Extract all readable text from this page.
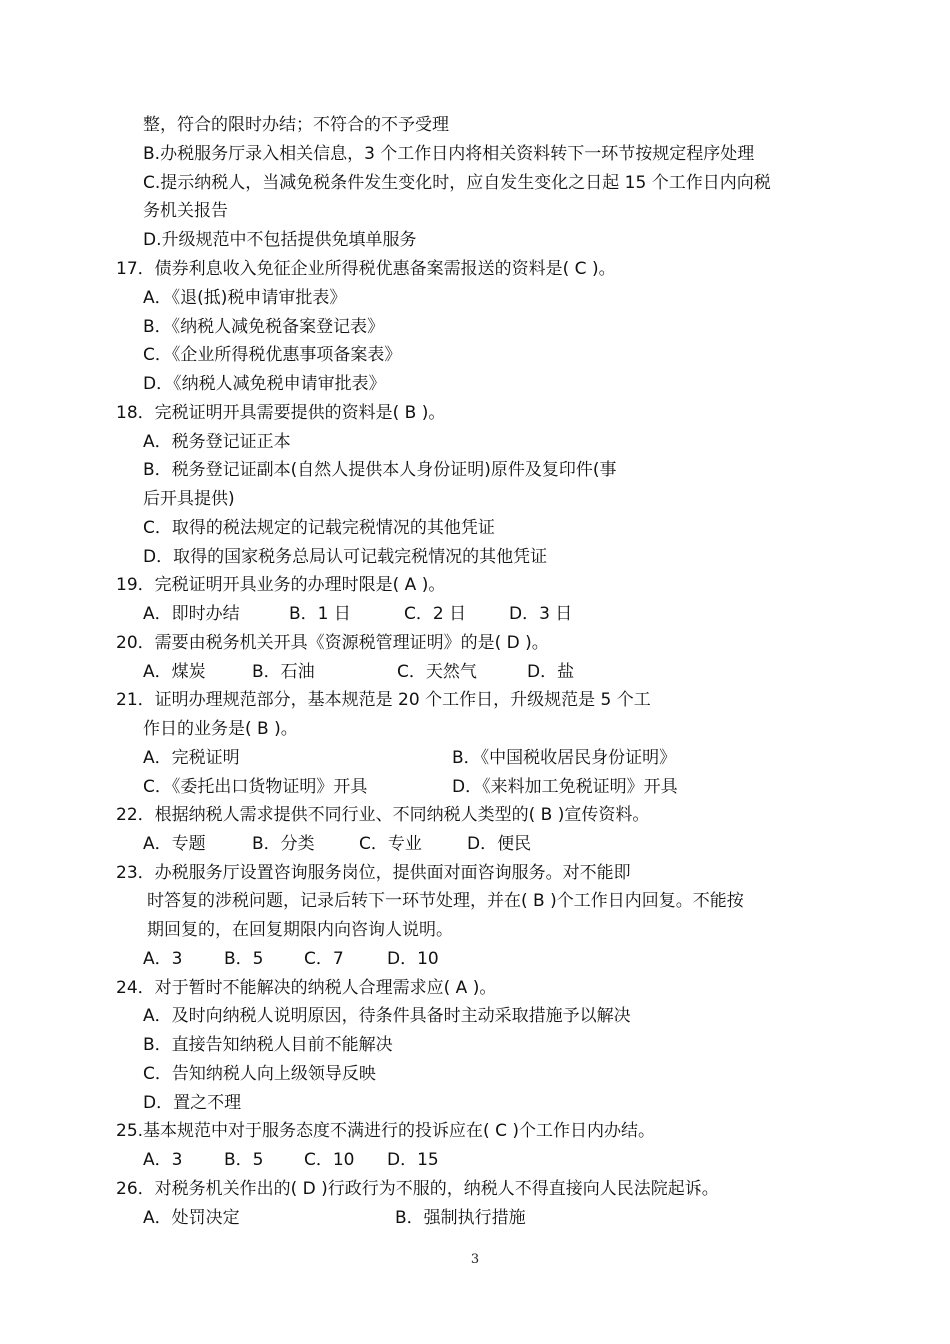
整，符合的限时办结；不符合的不予受理
B.办税服务厅录入相关信息，3 个工作日内将相关资料转下一环节按规定程序处理
C.提示纳税人，当减免税条件发生变化时，应自发生变化之日起 15 个工作日内向税
务机关报告
D.升级规范中不包括提供免填单服务
17．债券利息收入免征企业所得税优惠备案需报送的资料是( C )。
A．《退(抵)税申请审批表》
B．《纳税人减免税备案登记表》
C．《企业所得税优惠事项备案表》
D．《纳税人减免税申请审批表》
18．完税证明开具需要提供的资料是( B )。
A．税务登记证正本
B．税务登记证副本(自然人提供本人身份证明)原件及复印件(事
后开具提供)
C．取得的税法规定的记载完税情况的其他凭证
D．取得的国家税务总局认可记载完税情况的其他凭证
19．完税证明开具业务的办理时限是( A )。
A．即时办结	B．1 日	C．2 日	D．3 日
20．需要由税务机关开具《资源税管理证明》的是( D )。
A．煤炭	B．石油	C．天然气	D．盐
21．证明办理规范部分，基本规范是 20 个工作日，升级规范是 5 个工
作日的业务是( B )。
A．完税证明	B．《中国税收居民身份证明》
C．《委托出口货物证明》开具	D．《来料加工免税证明》开具
22．根据纳税人需求提供不同行业、不同纳税人类型的( B )宣传资料。
A．专题	B．分类	C．专业	D．便民
23．办税服务厅设置咨询服务岗位，提供面对面咨询服务。对不能即
时答复的涉税问题，记录后转下一环节处理，并在( B )个工作日内回复。不能按
期回复的，在回复期限内向咨询人说明。
A．3 B．5 C．7	D．10
24．对于暂时不能解决的纳税人合理需求应( A )。
A．及时向纳税人说明原因，待条件具备时主动采取措施予以解决
B．直接告知纳税人目前不能解决
C．告知纳税人向上级领导反映
D．置之不理
25.基本规范中对于服务态度不满进行的投诉应在( C )个工作日内办结。
A．3 B．5 C．10 D．15
26．对税务机关作出的( D )行政行为不服的，纳税人不得直接向人民法院起诉。
A．处罚决定	B．强制执行措施
3
